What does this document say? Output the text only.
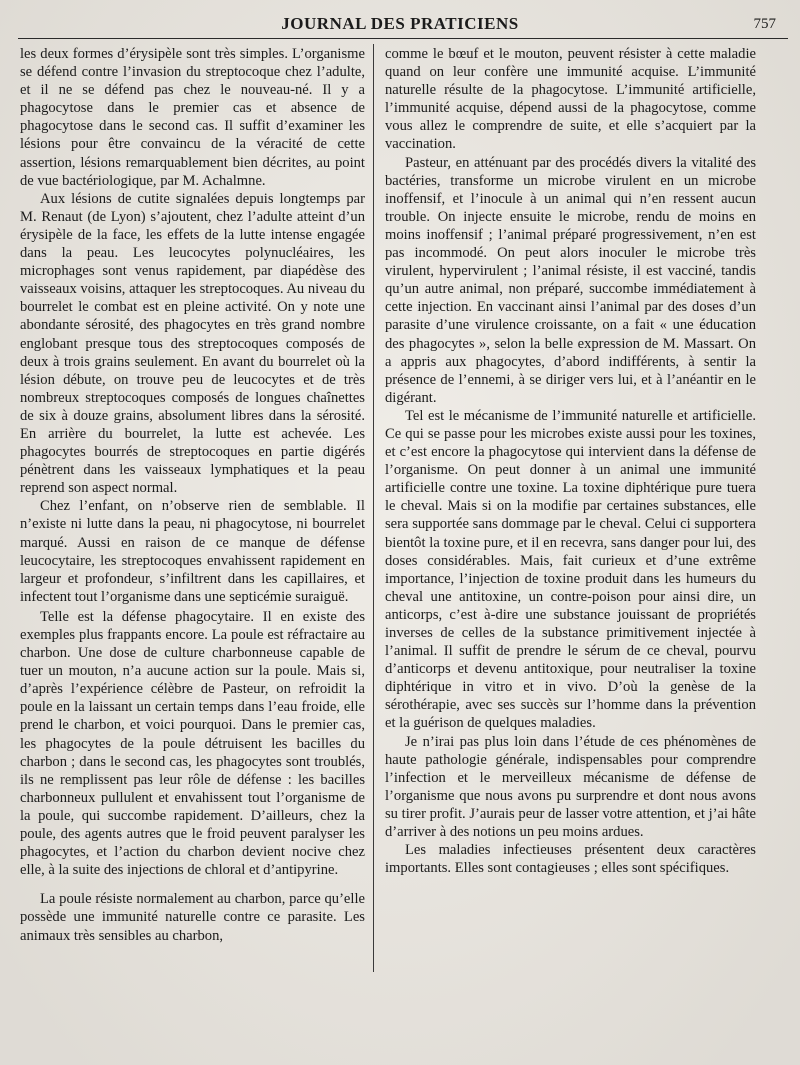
JOURNAL DES PRATICIENS	757

les deux formes d’érysipèle sont très simples. L’organisme se défend contre l’invasion du streptocoque chez l’adulte, et il ne se défend pas chez le nouveau-né. Il y a phagocytose dans le premier cas et absence de phagocytose dans le second cas. Il suffit d’examiner les lésions pour être convaincu de la véracité de cette assertion, lésions remarquablement bien décrites, au point de vue bactériologique, par M. Achalmne.

Aux lésions de cutite signalées depuis longtemps par M. Renaut (de Lyon) s’ajoutent, chez l’adulte atteint d’un érysipèle de la face, les effets de la lutte intense engagée dans la peau. Les leucocytes polynucléaires, les microphages sont venus rapidement, par diapédèse des vaisseaux voisins, attaquer les streptocoques. Au niveau du bourrelet le combat est en pleine activité. On y note une abondante sérosité, des phagocytes en très grand nombre englobant presque tous des streptocoques composés de deux à trois grains seulement. En avant du bourrelet où la lésion débute, on trouve peu de leucocytes et de très nombreux streptocoques composés de longues chaînettes de six à douze grains, absolument libres dans la sérosité. En arrière du bourrelet, la lutte est achevée. Les phagocytes bourrés de streptocoques en partie digérés pénètrent dans les vaisseaux lymphatiques et la peau reprend son aspect normal.

Chez l’enfant, on n’observe rien de semblable. Il n’existe ni lutte dans la peau, ni phagocytose, ni bourrelet marqué. Aussi en raison de ce manque de défense leucocytaire, les streptocoques envahissent rapidement en largeur et profondeur, s’infiltrent dans les capillaires, et infectent tout l’organisme dans une septicémie suraiguë.

Telle est la défense phagocytaire. Il en existe des exemples plus frappants encore. La poule est réfractaire au charbon. Une dose de culture charbonneuse capable de tuer un mouton, n’a aucune action sur la poule. Mais si, d’après l’expérience célèbre de Pasteur, on refroidit la poule en la laissant un certain temps dans l’eau froide, elle prend le charbon, et voici pourquoi. Dans le premier cas, les phagocytes de la poule détruisent les bacilles du charbon ; dans le second cas, les phagocytes sont troublés, ils ne remplissent pas leur rôle de défense : les bacilles charbonneux pullulent et envahissent tout l’organisme de la poule, qui succombe rapidement. D’ailleurs, chez la poule, des agents autres que le froid peuvent paralyser les phagocytes, et l’action du charbon devient nocive chez elle, à la suite des injections de chloral et d’antipyrine.

La poule résiste normalement au charbon, parce qu’elle possède une immunité naturelle contre ce parasite. Les animaux très sensibles au charbon,

comme le bœuf et le mouton, peuvent résister à cette maladie quand on leur confère une immunité acquise. L’immunité naturelle résulte de la phagocytose. L’immunité artificielle, l’immunité acquise, dépend aussi de la phagocytose, comme vous allez le comprendre de suite, et elle s’acquiert par la vaccination.

Pasteur, en atténuant par des procédés divers la vitalité des bactéries, transforme un microbe virulent en un microbe inoffensif, et l’inocule à un animal qui n’en ressent aucun trouble. On injecte ensuite le microbe, rendu de moins en moins inoffensif ; l’animal préparé progressivement, n’en est pas incommodé. On peut alors inoculer le microbe très virulent, hypervirulent ; l’animal résiste, il est vacciné, tandis qu’un autre animal, non préparé, succombe immédiatement à cette injection. En vaccinant ainsi l’animal par des doses d’un parasite d’une virulence croissante, on a fait « une éducation des phagocytes », selon la belle expression de M. Massart. On a appris aux phagocytes, d’abord indifférents, à sentir la présence de l’ennemi, à se diriger vers lui, et à l’anéantir en le digérant.

Tel est le mécanisme de l’immunité naturelle et artificielle. Ce qui se passe pour les microbes existe aussi pour les toxines, et c’est encore la phagocytose qui intervient dans la défense de l’organisme. On peut donner à un animal une immunité artificielle contre une toxine. La toxine diphtérique pure tuera le cheval. Mais si on la modifie par certaines substances, elle sera supportée sans dommage par le cheval. Celui ci supportera bientôt la toxine pure, et il en recevra, sans danger pour lui, des doses considérables. Mais, fait curieux et d’une extrême importance, l’injection de toxine produit dans les humeurs du cheval une antitoxine, un contre-poison pour ainsi dire, un anticorps, c’est à-dire une substance jouissant de propriétés inverses de celles de la substance primitivement injectée à l’animal. Il suffit de prendre le sérum de ce cheval, pourvu d’anticorps et devenu antitoxique, pour neutraliser la toxine diphtérique in vitro et in vivo. D’où la genèse de la sérothérapie, avec ses succès sur l’homme dans la prévention et la guérison de quelques maladies.

Je n’irai pas plus loin dans l’étude de ces phénomènes de haute pathologie générale, indispensables pour comprendre l’infection et le merveilleux mécanisme de défense de l’organisme que nous avons pu surprendre et dont nous avons su tirer profit. J’aurais peur de lasser votre attention, et j’ai hâte d’arriver à des notions un peu moins ardues.

Les maladies infectieuses présentent deux caractères importants. Elles sont contagieuses ; elles sont spécifiques.
